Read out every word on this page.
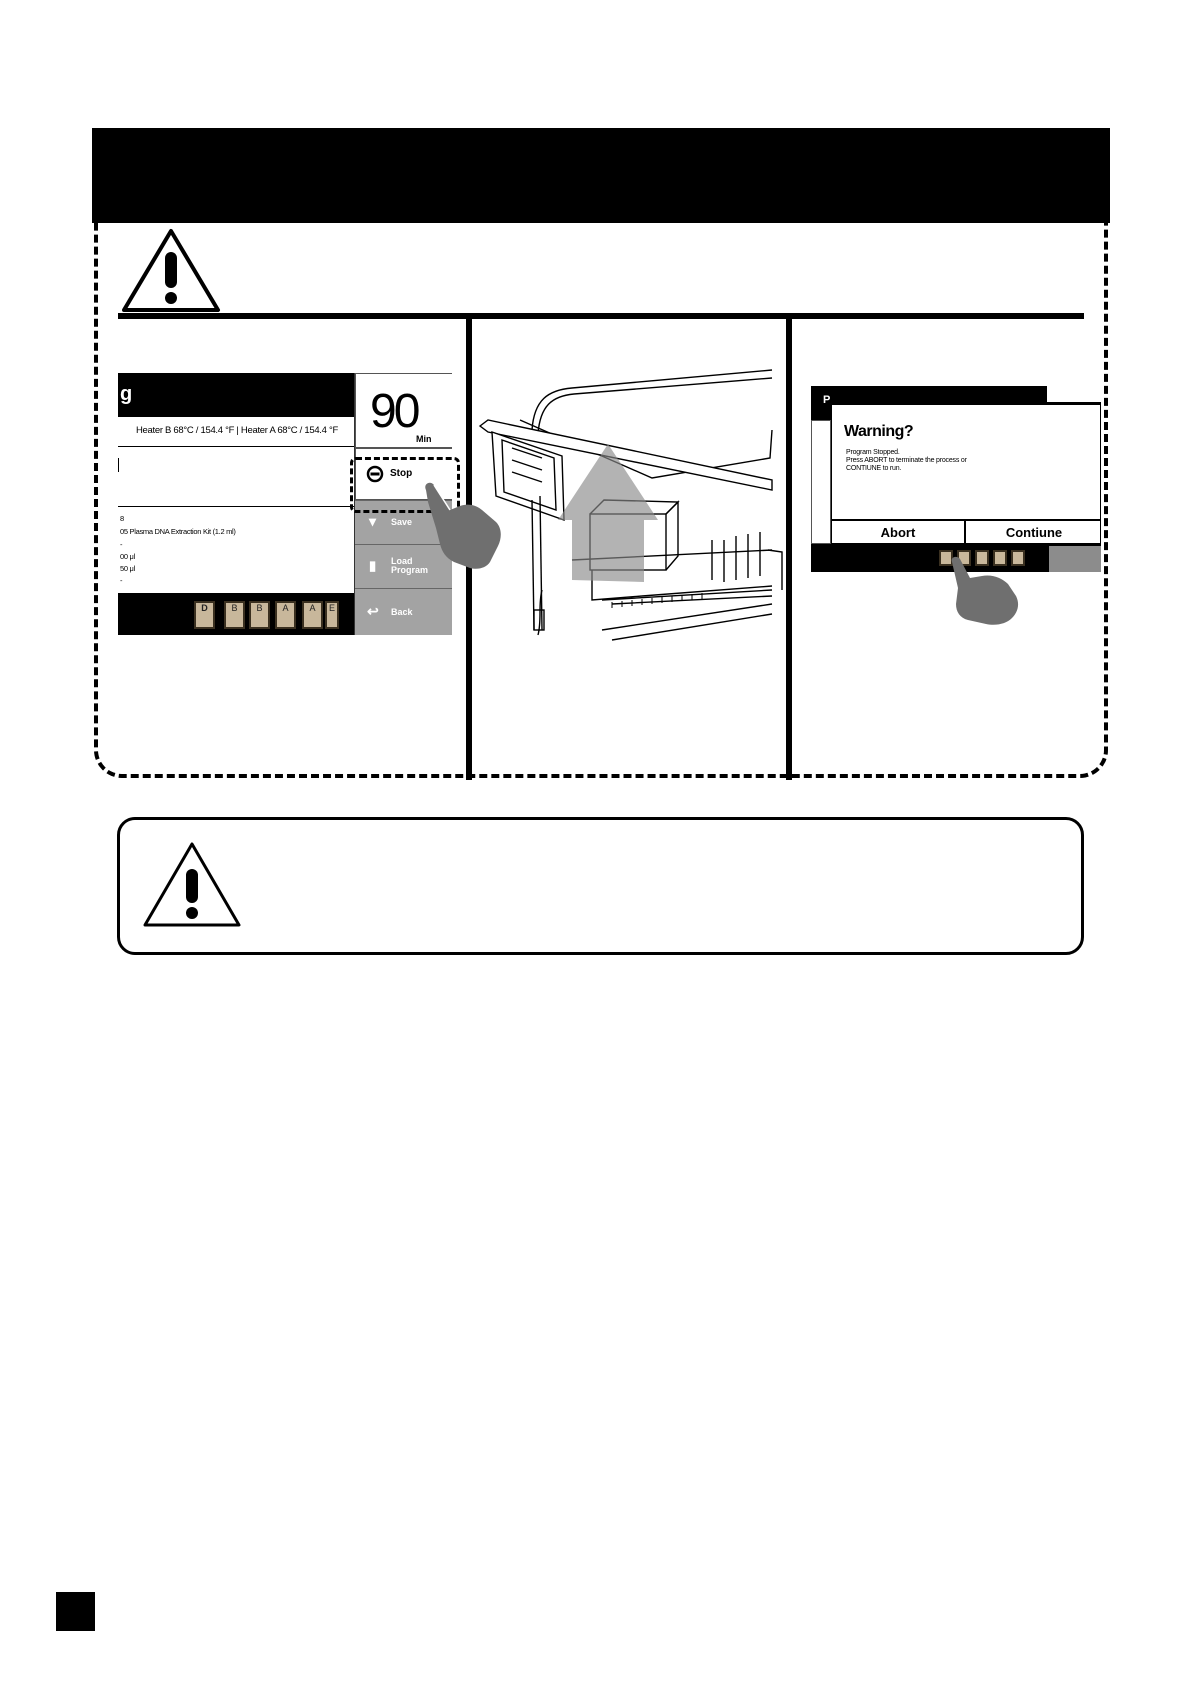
g
Heater B 68°C / 154.4 °F | Heater A 68°C / 154.4 °F
8
05 Plasma DNA Extraction Kit (1.2 ml)
-
00 μl
50 μl
-
D	B	B	A	A	E
90
Min
Stop
▾ Save
▮ Load
Program
↩ Back
P
Warning?
Program Stopped.
Press ABORT to terminate the process or
CONTIUNE to run.
Abort	Contiune
